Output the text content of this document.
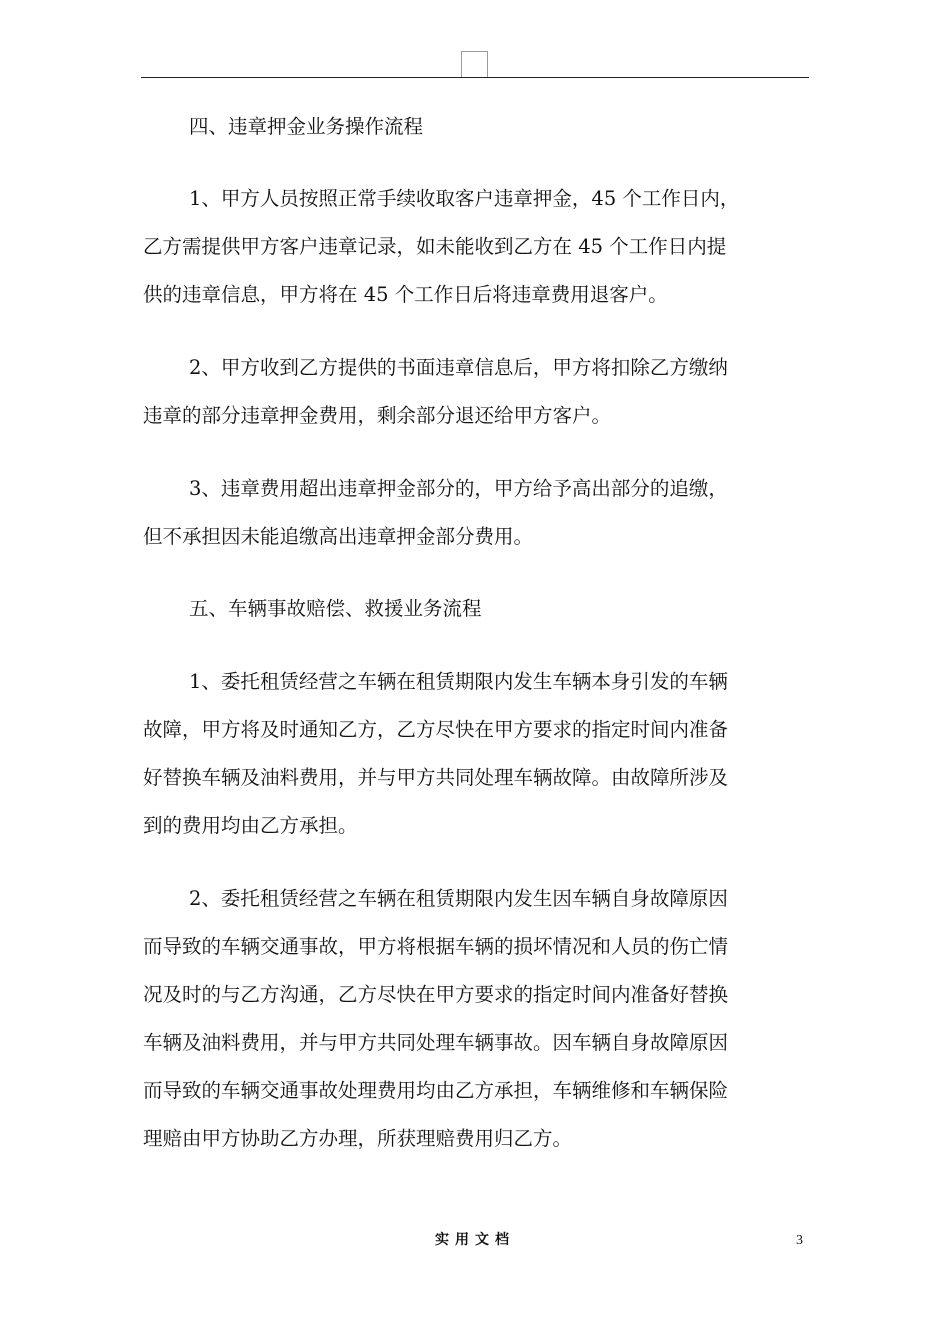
四、违章押金业务操作流程
1、甲方人员按照正常手续收取客户违章押金，45 个工作日内，
乙方需提供甲方客户违章记录，如未能收到乙方在 45 个工作日内提
供的违章信息，甲方将在 45 个工作日后将违章费用退客户。
2、甲方收到乙方提供的书面违章信息后，甲方将扣除乙方缴纳
违章的部分违章押金费用，剩余部分退还给甲方客户。
3、违章费用超出违章押金部分的，甲方给予高出部分的追缴，
但不承担因未能追缴高出违章押金部分费用。
五、车辆事故赔偿、救援业务流程
1、委托租赁经营之车辆在租赁期限内发生车辆本身引发的车辆
故障，甲方将及时通知乙方，乙方尽快在甲方要求的指定时间内准备
好替换车辆及油料费用，并与甲方共同处理车辆故障。由故障所涉及
到的费用均由乙方承担。
2、委托租赁经营之车辆在租赁期限内发生因车辆自身故障原因
而导致的车辆交通事故，甲方将根据车辆的损坏情况和人员的伤亡情
况及时的与乙方沟通，乙方尽快在甲方要求的指定时间内准备好替换
车辆及油料费用，并与甲方共同处理车辆事故。因车辆自身故障原因
而导致的车辆交通事故处理费用均由乙方承担，车辆维修和车辆保险
理赔由甲方协助乙方办理，所获理赔费用归乙方。
实用文档	3
